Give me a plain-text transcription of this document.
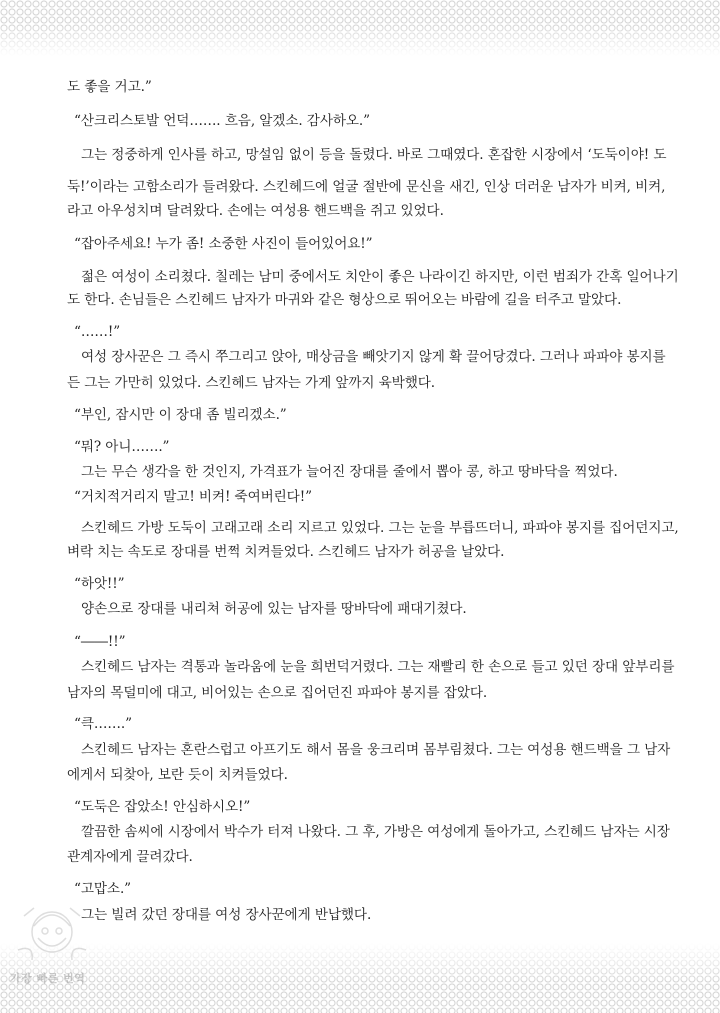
도 좋을 거고.”
“산크리스토발 언덕……. 흐음, 알겠소. 감사하오.”
그는 정중하게 인사를 하고, 망설임 없이 등을 돌렸다. 바로 그때였다. 혼잡한 시장에서 ‘도둑이야! 도
둑!’이라는 고함소리가 들려왔다. 스킨헤드에 얼굴 절반에 문신을 새긴, 인상 더러운 남자가 비켜, 비켜,
라고 아우성치며 달려왔다. 손에는 여성용 핸드백을 쥐고 있었다.
“잡아주세요! 누가 좀! 소중한 사진이 들어있어요!”
젊은 여성이 소리쳤다. 칠레는 남미 중에서도 치안이 좋은 나라이긴 하지만, 이런 범죄가 간혹 일어나기
도 한다. 손님들은 스킨헤드 남자가 마귀와 같은 형상으로 뛰어오는 바람에 길을 터주고 말았다.
“……!”
여성 장사꾼은 그 즉시 쭈그리고 앉아, 매상금을 빼앗기지 않게 확 끌어당겼다. 그러나 파파야 봉지를
든 그는 가만히 있었다. 스킨헤드 남자는 가게 앞까지 육박했다.
“부인, 잠시만 이 장대 좀 빌리겠소.”
“뭐? 아니…….”
그는 무슨 생각을 한 것인지, 가격표가 늘어진 장대를 줄에서 뽑아 콩, 하고 땅바닥을 찍었다.
“거치적거리지 말고! 비켜! 죽여버린다!”
스킨헤드 가방 도둑이 고래고래 소리 지르고 있었다. 그는 눈을 부릅뜨더니, 파파야 봉지를 집어던지고,
벼락 치는 속도로 장대를 번쩍 치켜들었다. 스킨헤드 남자가 허공을 날았다.
“하앗!!”
양손으로 장대를 내리쳐 허공에 있는 남자를 땅바닥에 패대기쳤다.
“――!!”
스킨헤드 남자는 격통과 놀라움에 눈을 희번덕거렸다. 그는 재빨리 한 손으로 들고 있던 장대 앞부리를
남자의 목덜미에 대고, 비어있는 손으로 집어던진 파파야 봉지를 잡았다.
“큭…….”
스킨헤드 남자는 혼란스럽고 아프기도 해서 몸을 웅크리며 몸부림쳤다. 그는 여성용 핸드백을 그 남자
에게서 되찾아, 보란 듯이 치켜들었다.
“도둑은 잡았소! 안심하시오!”
깔끔한 솜씨에 시장에서 박수가 터져 나왔다. 그 후, 가방은 여성에게 돌아가고, 스킨헤드 남자는 시장
관계자에게 끌려갔다.
“고맙소.”
그는 빌려 갔던 장대를 여성 장사꾼에게 반납했다.
가장 빠른 번역
